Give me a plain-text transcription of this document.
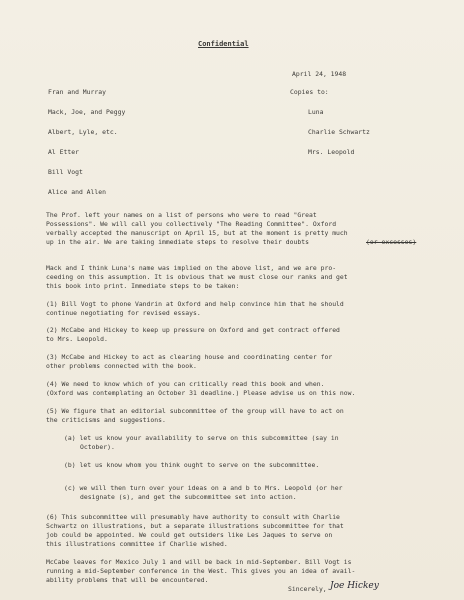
Confidential
April 24, 1948
Fran and Murray
Mack, Joe, and Peggy
Albert, Lyle, etc.
Al Etter
Bill Vogt
Alice and Allen
Copies to:
Luna
Charlie Schwartz
Mrs. Leopold
The Prof. left your names on a list of persons who were to read "Great
Possessions". We will call you collectively "The Reading Committee". Oxford
verbally accepted the manuscript on April 15, but at the moment is pretty much
up in the air. We are taking immediate steps to resolve their doubts	(or excesses)
Mack and I think Luna's name was implied on the above list, and we are pro-
ceeding on this assumption. It is obvious that we must close our ranks and get
this book into print. Immediate steps to be taken:
(1) Bill Vogt to phone Vandrin at Oxford and help convince him that he should
continue negotiating for revised essays.
(2) McCabe and Hickey to keep up pressure on Oxford and get contract offered
to Mrs. Leopold.
(3) McCabe and Hickey to act as clearing house and coordinating center for
other problems connected with the book.
(4) We need to know which of you can critically read this book and when.
(Oxford was contemplating an October 31 deadline.) Please advise us on this now.
(5) We figure that an editorial subcommittee of the group will have to act on
the criticisms and suggestions.
(a) let us know your availability to serve on this subcommittee (say in
October).
(b) let us know whom you think ought to serve on the subcommittee.
(c) we will then turn over your ideas on a and b to Mrs. Leopold (or her
designate (s), and get the subcommittee set into action.
(6) This subcommittee will presumably have authority to consult with Charlie
Schwartz on illustrations, but a separate illustrations subcommittee for that
job could be appointed. We could get outsiders like Les Jaques to serve on
this illustrations committee if Charlie wished.
McCabe leaves for Mexico July 1 and will be back in mid-September. Bill Vogt is
running a mid-September conference in the West. This gives you an idea of avail-
ability problems that will be encountered.
Sincerely, Joe Hickey
